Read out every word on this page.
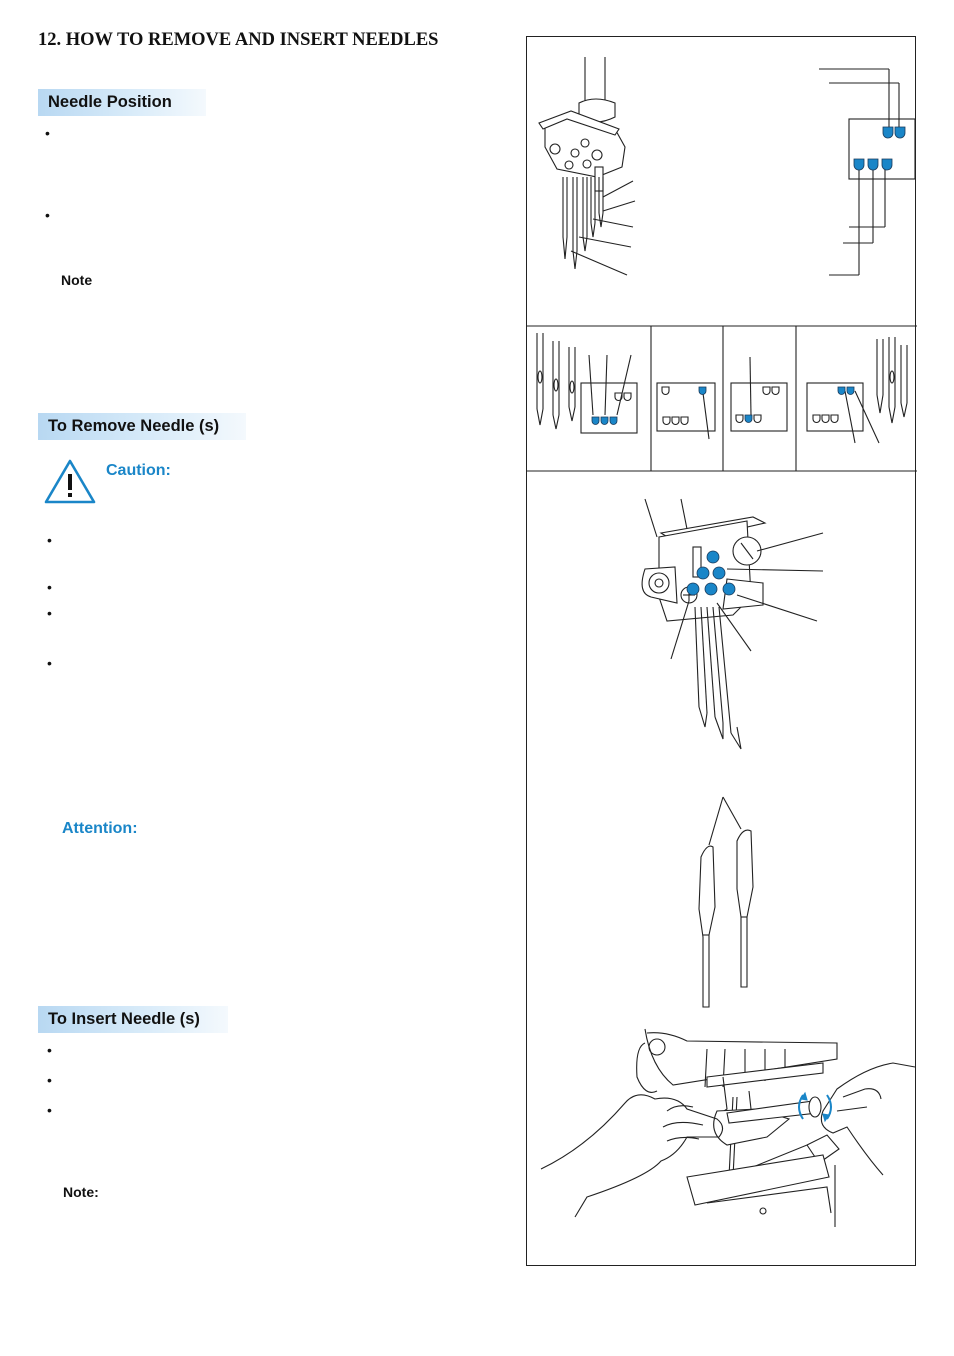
12. HOW TO REMOVE AND INSERT NEEDLES
Needle Position
•
•
Note
To Remove Needle (s)
Caution:
•
•
•
•
Attention:
To Insert Needle (s)
•
•
•
Note:
